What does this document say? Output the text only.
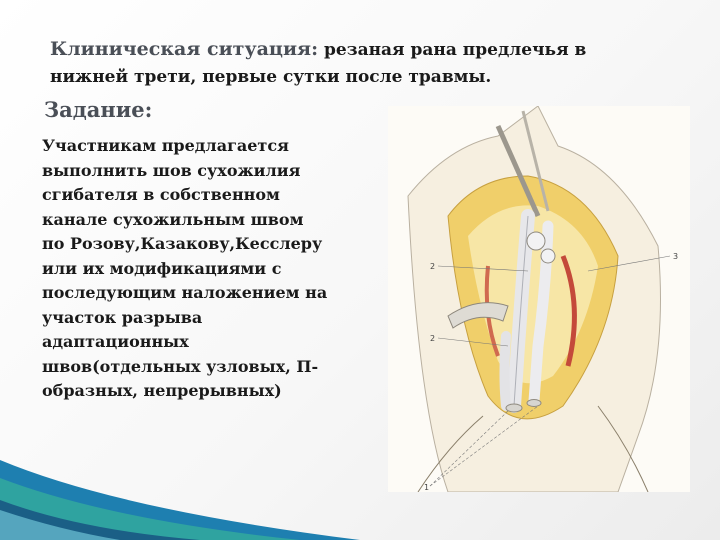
Клиническая ситуация: резаная рана предлечья в нижней трети, первые сутки после травмы.
Задание:
Участникам предлагается
выполнить шов сухожилия
сгибателя в собственном
канале сухожильным швом
по Розову,Казакову,Кесслеру
или их модификациями с
последующим наложением на
участок разрыва
адаптационных
швов(отдельных узловых, П-
образных, непрерывных)
2
3
2
1
